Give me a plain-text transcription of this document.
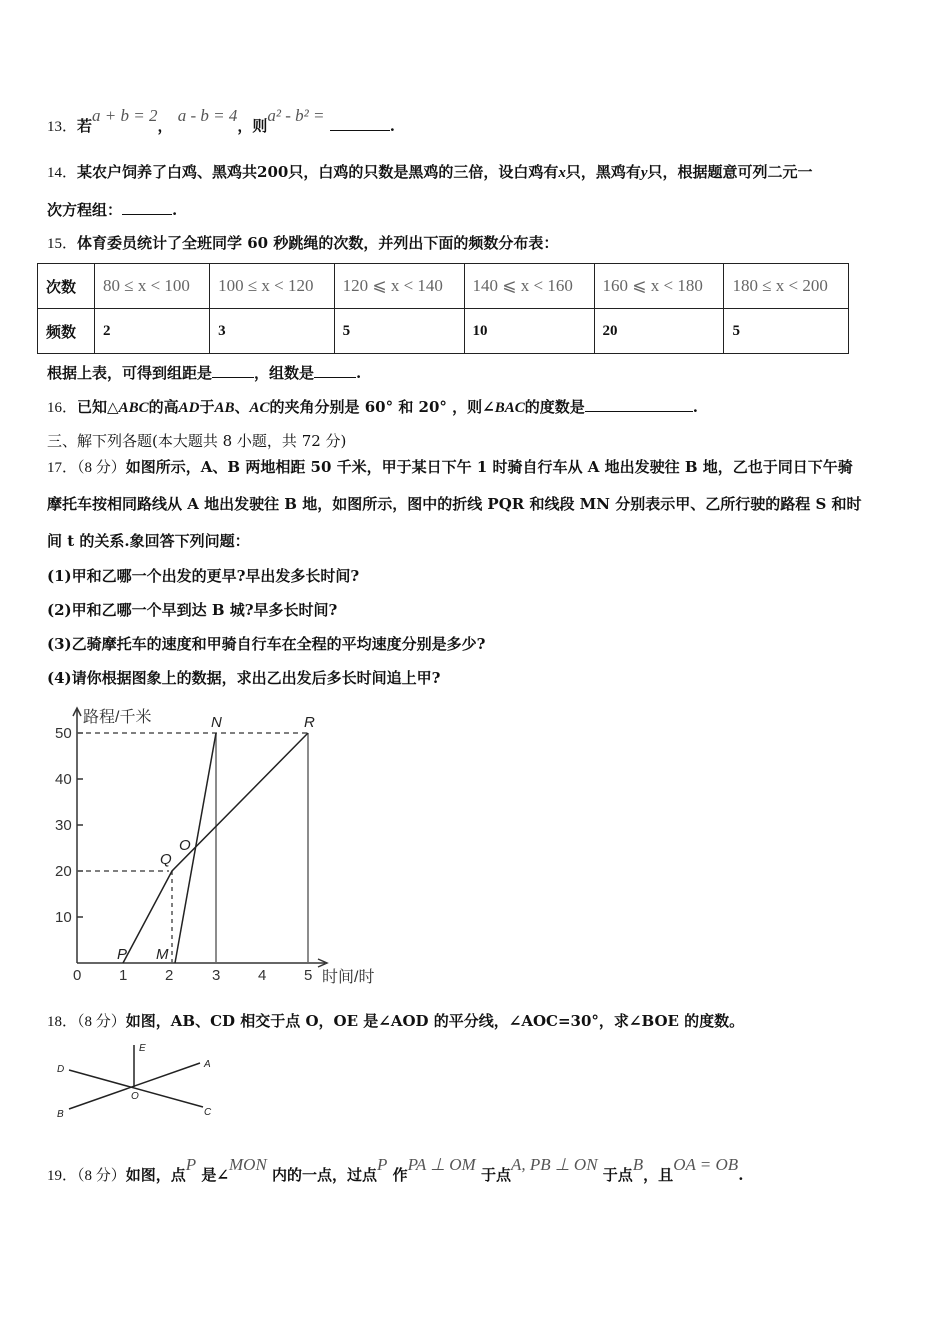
13．若a + b = 2， a - b = 4，则a² - b² = .
14．某农户饲养了白鸡、黑鸡共200只，白鸡的只数是黑鸡的三倍，设白鸡有x只，黑鸡有y只，根据题意可列二元一
次方程组：	.
15．体育委员统计了全班同学 60 秒跳绳的次数，并列出下面的频数分布表：
次数	80 ≤ x < 100	100 ≤ x < 120	120 ⩽ x < 140	140 ⩽ x < 160	160 ⩽ x < 180	180 ≤ x < 200
频数	2	3	5	10	20	5
根据上表，可得到组距是	，组数是	.
16．已知△ABC的高AD于AB、AC的夹角分别是 60° 和 20° ，则∠BAC的度数是	.
三、解下列各题(本大题共 8 小题，共 72 分)
17．（8 分）如图所示，A、B 两地相距 50 千米，甲于某日下午 1 时骑自行车从 A 地出发驶往 B 地，乙也于同日下午骑
摩托车按相同路线从 A 地出发驶往 B 地，如图所示，图中的折线 PQR 和线段 MN 分别表示甲、乙所行驶的路程 S 和时
间 t 的关系.象回答下列问题：
(1)甲和乙哪一个出发的更早?早出发多长时间?
(2)甲和乙哪一个早到达 B 城?早多长时间?
(3)乙骑摩托车的速度和甲骑自行车在全程的平均速度分别是多少?
(4)请你根据图象上的数据，求出乙出发后多长时间追上甲?
P M
Q
O
N	R
10
20
30
40
50
0	1	2	3	4	5
路程/千米
时间/时
18．（8 分）如图，AB、CD 相交于点 O，OE 是∠AOD 的平分线，∠AOC=30°，求∠BOE 的度数。
D
B
E
A
C
O
19．（8 分）如图，点P 是∠MON 内的一点，过点P 作PA ⊥ OM 于点A, PB ⊥ ON 于点B，且OA = OB.
